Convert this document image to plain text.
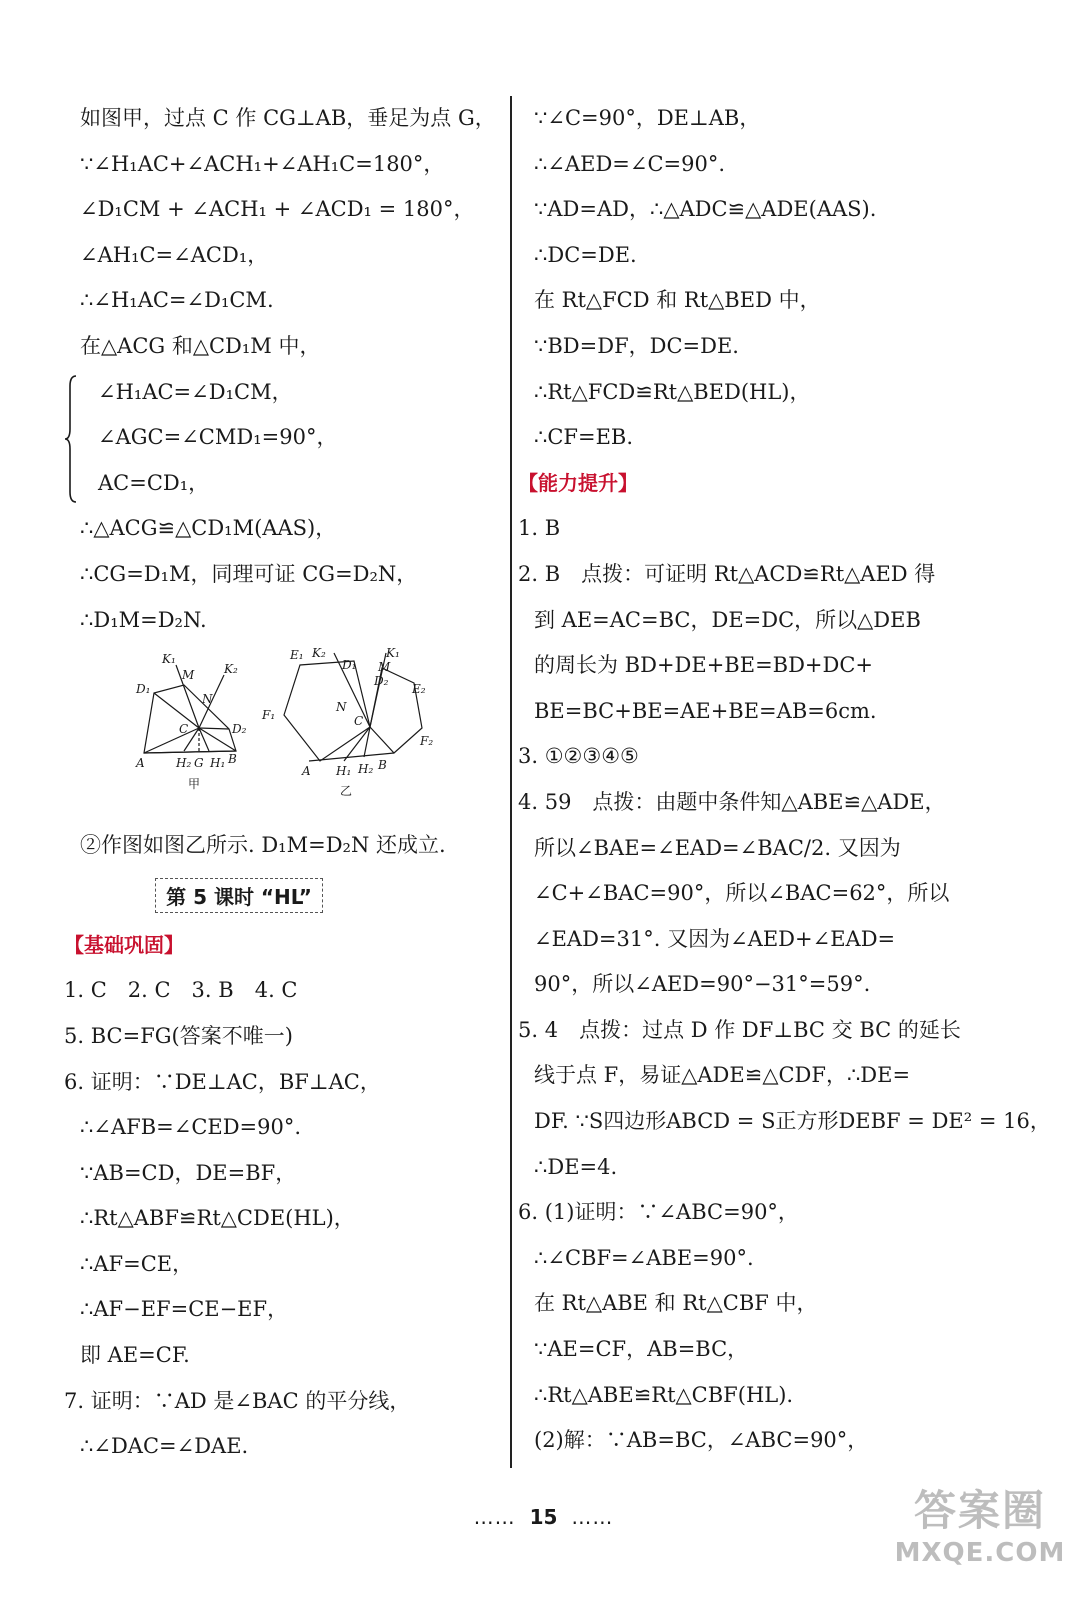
如图甲，过点 C 作 CG⊥AB，垂足为点 G，
∵∠H₁AC+∠ACH₁+∠AH₁C=180°，
∠D₁CM + ∠ACH₁ + ∠ACD₁ = 180°，
∠AH₁C=∠ACD₁，
∴∠H₁AC=∠D₁CM.
在△ACG 和△CD₁M 中，
∠H₁AC=∠D₁CM，
∠AGC=∠CMD₁=90°，
AC=CD₁，
∴△ACG≌△CD₁M(AAS)，
∴CG=D₁M，同理可证 CG=D₂N，
∴D₁M=D₂N.
K₁
M
D₁
N
K₂
C	D₂
A	H₂ G H₁ B
甲
E₁ K₂
D₁
K₁
M
D₂
E₂
F₁
N
C
F₂
A H₁ H₂ B
乙
②作图如图乙所示. D₁M=D₂N 还成立.
第 5 课时 “HL”
【基础巩固】
1. C　2. C　3. B　4. C
5. BC=FG(答案不唯一)
6. 证明：∵DE⊥AC，BF⊥AC，
∴∠AFB=∠CED=90°.
∵AB=CD，DE=BF，
∴Rt△ABF≌Rt△CDE(HL)，
∴AF=CE，
∴AF−EF=CE−EF，
即 AE=CF.
7. 证明：∵AD 是∠BAC 的平分线，
∴∠DAC=∠DAE.
∵∠C=90°，DE⊥AB，
∴∠AED=∠C=90°.
∵AD=AD，∴△ADC≌△ADE(AAS).
∴DC=DE.
在 Rt△FCD 和 Rt△BED 中，
∵BD=DF，DC=DE.
∴Rt△FCD≌Rt△BED(HL)，
∴CF=EB.
【能力提升】
1. B
2. B　点拨：可证明 Rt△ACD≌Rt△AED 得
到 AE=AC=BC，DE=DC，所以△DEB
的周长为 BD+DE+BE=BD+DC+
BE=BC+BE=AE+BE=AB=6cm.
3. ①②③④⑤
4. 59　点拨：由题中条件知△ABE≌△ADE，
所以∠BAE=∠EAD=∠BAC/2. 又因为
∠C+∠BAC=90°，所以∠BAC=62°，所以
∠EAD=31°. 又因为∠AED+∠EAD=
90°，所以∠AED=90°−31°=59°.
5. 4　点拨：过点 D 作 DF⊥BC 交 BC 的延长
线于点 F，易证△ADE≌△CDF，∴DE=
DF. ∵S四边形ABCD = S正方形DEBF = DE² = 16，
∴DE=4.
6. (1)证明：∵∠ABC=90°，
∴∠CBF=∠ABE=90°.
在 Rt△ABE 和 Rt△CBF 中，
∵AE=CF，AB=BC，
∴Rt△ABE≌Rt△CBF(HL).
(2)解：∵AB=BC，∠ABC=90°，
…… 15 ……	答案圈
MXQE.COM
